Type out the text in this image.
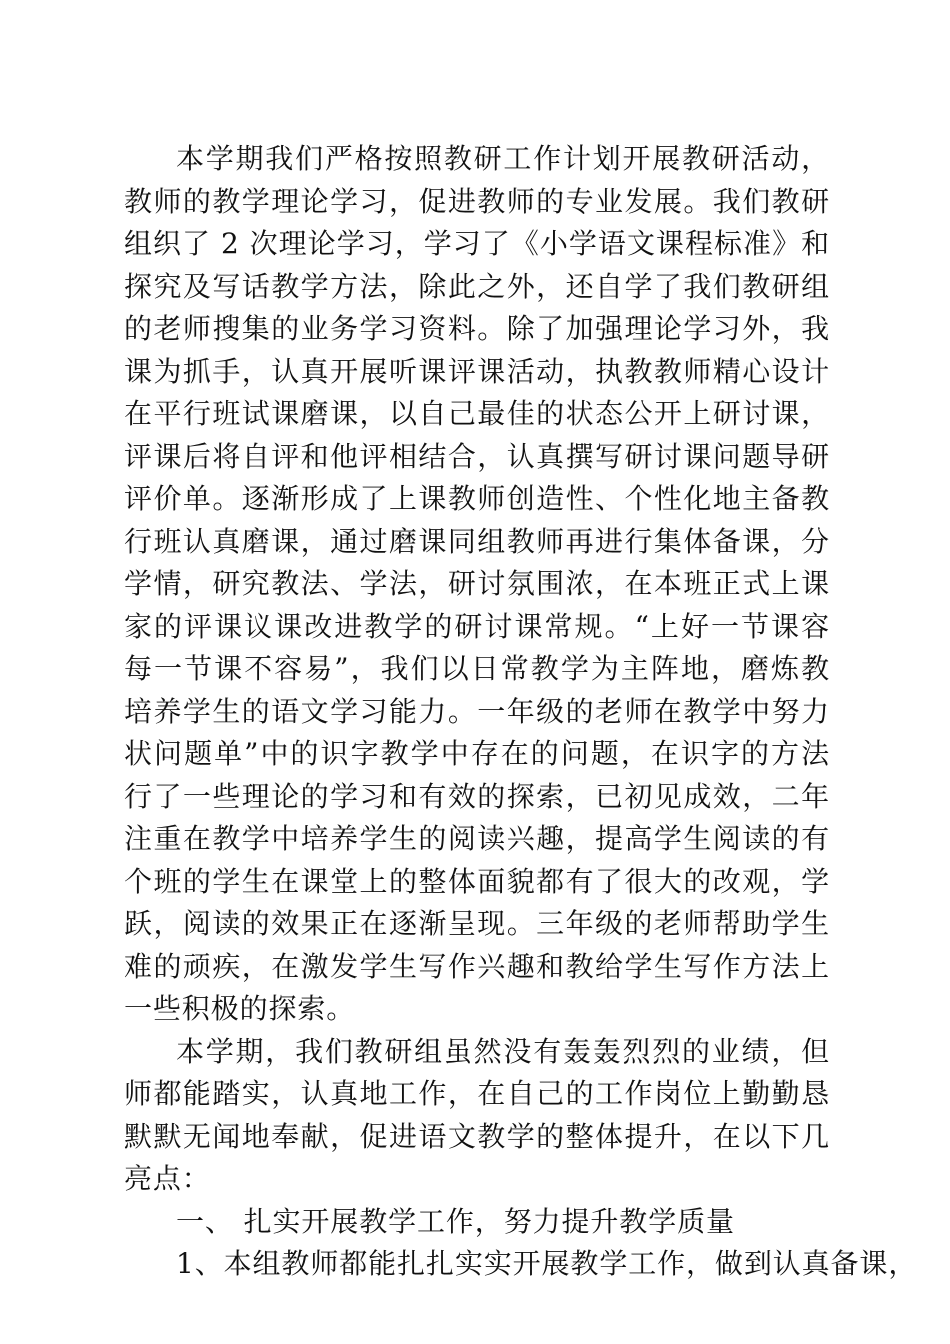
本学期我们严格按照教研工作计划开展教研活动，
教师的教学理论学习，促进教师的专业发展。我们教研
组织了 2 次理论学习，学习了《小学语文课程标准》和
探究及写话教学方法，除此之外，还自学了我们教研组
的老师搜集的业务学习资料。除了加强理论学习外，我
课为抓手，认真开展听课评课活动，执教教师精心设计
在平行班试课磨课，以自己最佳的状态公开上研讨课，
评课后将自评和他评相结合，认真撰写研讨课问题导研
评价单。逐渐形成了上课教师创造性、个性化地主备教
行班认真磨课，通过磨课同组教师再进行集体备课，分
学情，研究教法、学法，研讨氛围浓，在本班正式上课
家的评课议课改进教学的研讨课常规。“上好一节课容
每一节课不容易”，我们以日常教学为主阵地，磨炼教
培养学生的语文学习能力。一年级的老师在教学中努力
状问题单”中的识字教学中存在的问题，在识字的方法
行了一些理论的学习和有效的探索，已初见成效，二年
注重在教学中培养学生的阅读兴趣，提高学生阅读的有
个班的学生在课堂上的整体面貌都有了很大的改观，学
跃，阅读的效果正在逐渐呈现。三年级的老师帮助学生
难的顽疾，在激发学生写作兴趣和教给学生写作方法上
一些积极的探索。
本学期，我们教研组虽然没有轰轰烈烈的业绩，但
师都能踏实，认真地工作，在自己的工作岗位上勤勤恳
默默无闻地奉献，促进语文教学的整体提升，在以下几
亮点：
一、 扎实开展教学工作，努力提升教学质量
1、本组教师都能扎扎实实开展教学工作，做到认真备课，
